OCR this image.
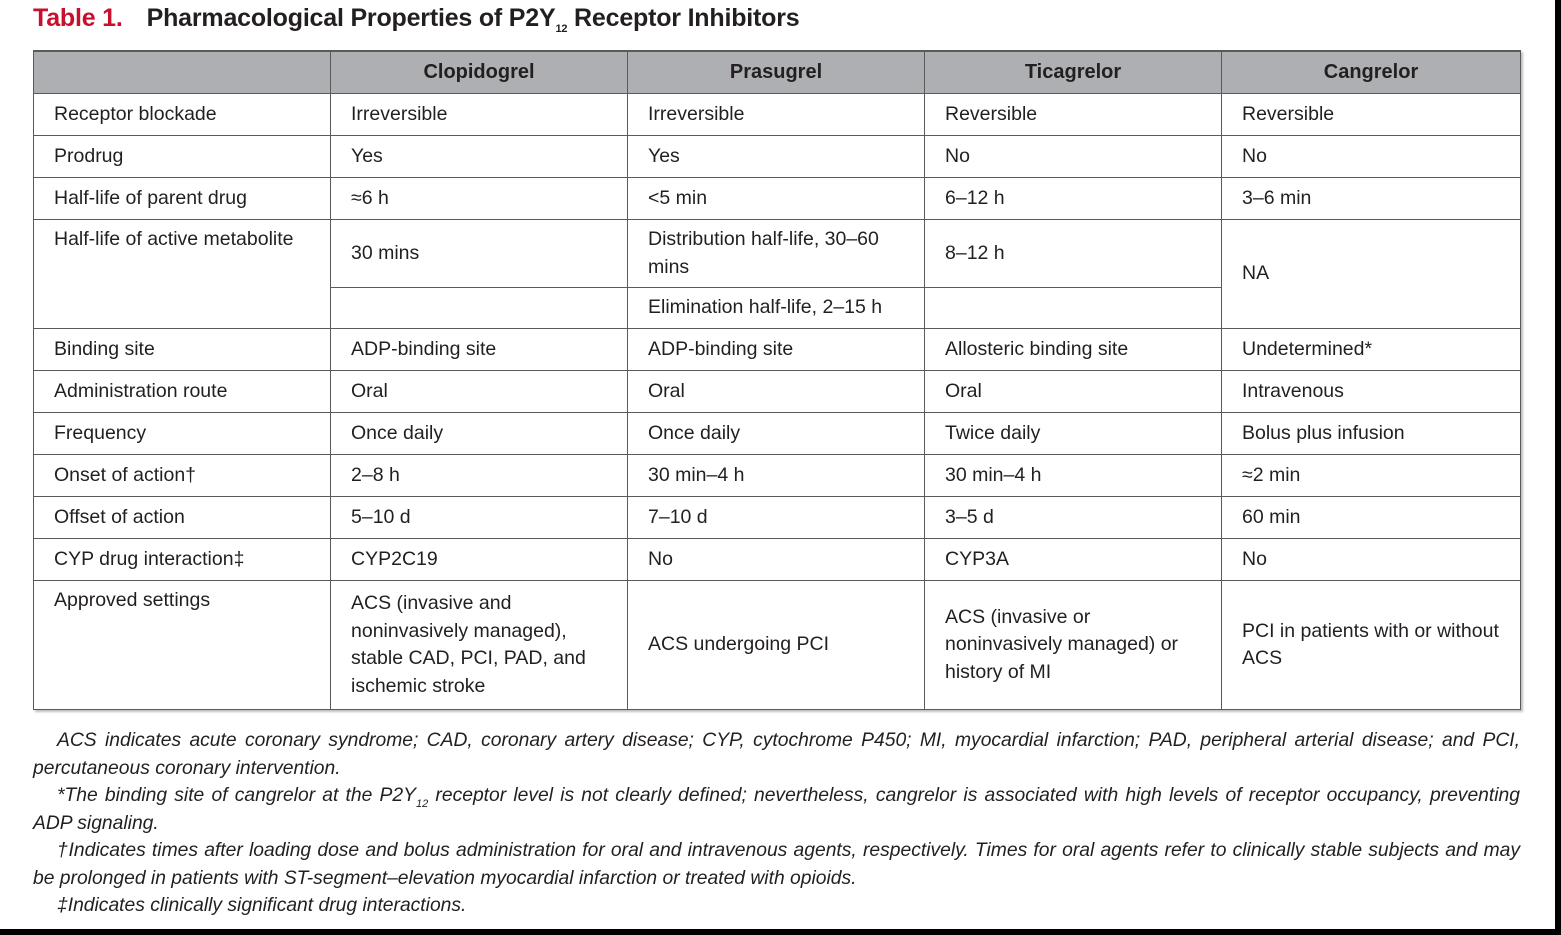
Table 1. Pharmacological Properties of $P2Y_{12}$ Receptor Inhibitors
	Clopidogrel	Prasugrel	Ticagrelor	Cangrelor
Receptor blockade	Irreversible	Irreversible	Reversible	Reversible
Prodrug	Yes	Yes	No	No
Half-life of parent drug	≈6 h	<5 min	6–12 h	3–6 min
Half-life of active metabolite	30 mins	Distribution half-life, 30–60 mins	8–12 h	NA
		Elimination half-life, 2–15 h		
Binding site	ADP-binding site	ADP-binding site	Allosteric binding site	Undetermined*
Administration route	Oral	Oral	Oral	Intravenous
Frequency	Once daily	Once daily	Twice daily	Bolus plus infusion
Onset of action†	2–8 h	30 min–4 h	30 min–4 h	≈2 min
Offset of action	5–10 d	7–10 d	3–5 d	60 min
CYP drug interaction‡	CYP2C19	No	CYP3A	No
Approved settings	ACS (invasive and noninvasively managed), stable CAD, PCI, PAD, and ischemic stroke	ACS undergoing PCI	ACS (invasive or noninvasively managed) or history of MI	PCI in patients with or without ACS

ACS indicates acute coronary syndrome; CAD, coronary artery disease; CYP, cytochrome P450; MI, myocardial infarction; PAD, peripheral arterial disease; and PCI, percutaneous coronary intervention.

*The binding site of cangrelor at the $P2Y_{12}$ receptor level is not clearly defined; nevertheless, cangrelor is associated with high levels of receptor occupancy, preventing ADP signaling.

†Indicates times after loading dose and bolus administration for oral and intravenous agents, respectively. Times for oral agents refer to clinically stable subjects and may be prolonged in patients with ST-segment–elevation myocardial infarction or treated with opioids.

‡Indicates clinically significant drug interactions.
